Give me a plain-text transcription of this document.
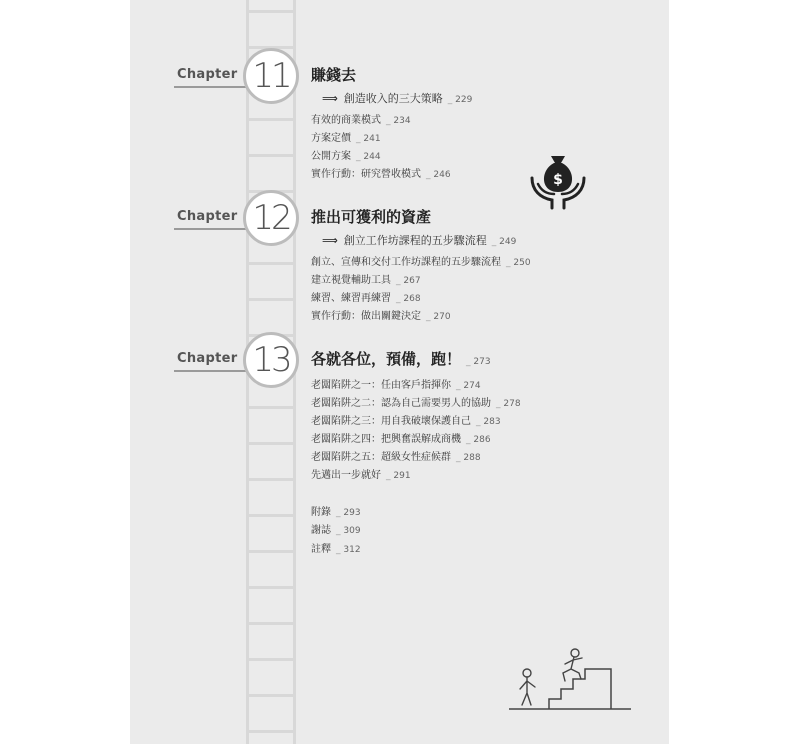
Chapter 11	賺錢去
⟹ 創造收入的三大策略 _ 229
有效的商業模式 _ 234
方案定價 _ 241
公開方案 _ 244
實作行動：研究營收模式 _ 246	$
Chapter 12	推出可獲利的資產
⟹ 創立工作坊課程的五步驟流程 _ 249
創立、宣傳和交付工作坊課程的五步驟流程 _ 250
建立視覺輔助工具 _ 267
練習、練習再練習 _ 268
實作行動：做出關鍵決定 _ 270
Chapter 13	各就各位，預備，跑！ _ 273
老闆陷阱之一：任由客戶指揮你 _ 274
老闆陷阱之二：認為自己需要男人的協助 _ 278
老闆陷阱之三：用自我破壞保護自己 _ 283
老闆陷阱之四：把興奮誤解成商機 _ 286
老闆陷阱之五：超級女性症候群 _ 288
先邁出一步就好 _ 291
附錄 _ 293
謝誌 _ 309
註釋 _ 312
